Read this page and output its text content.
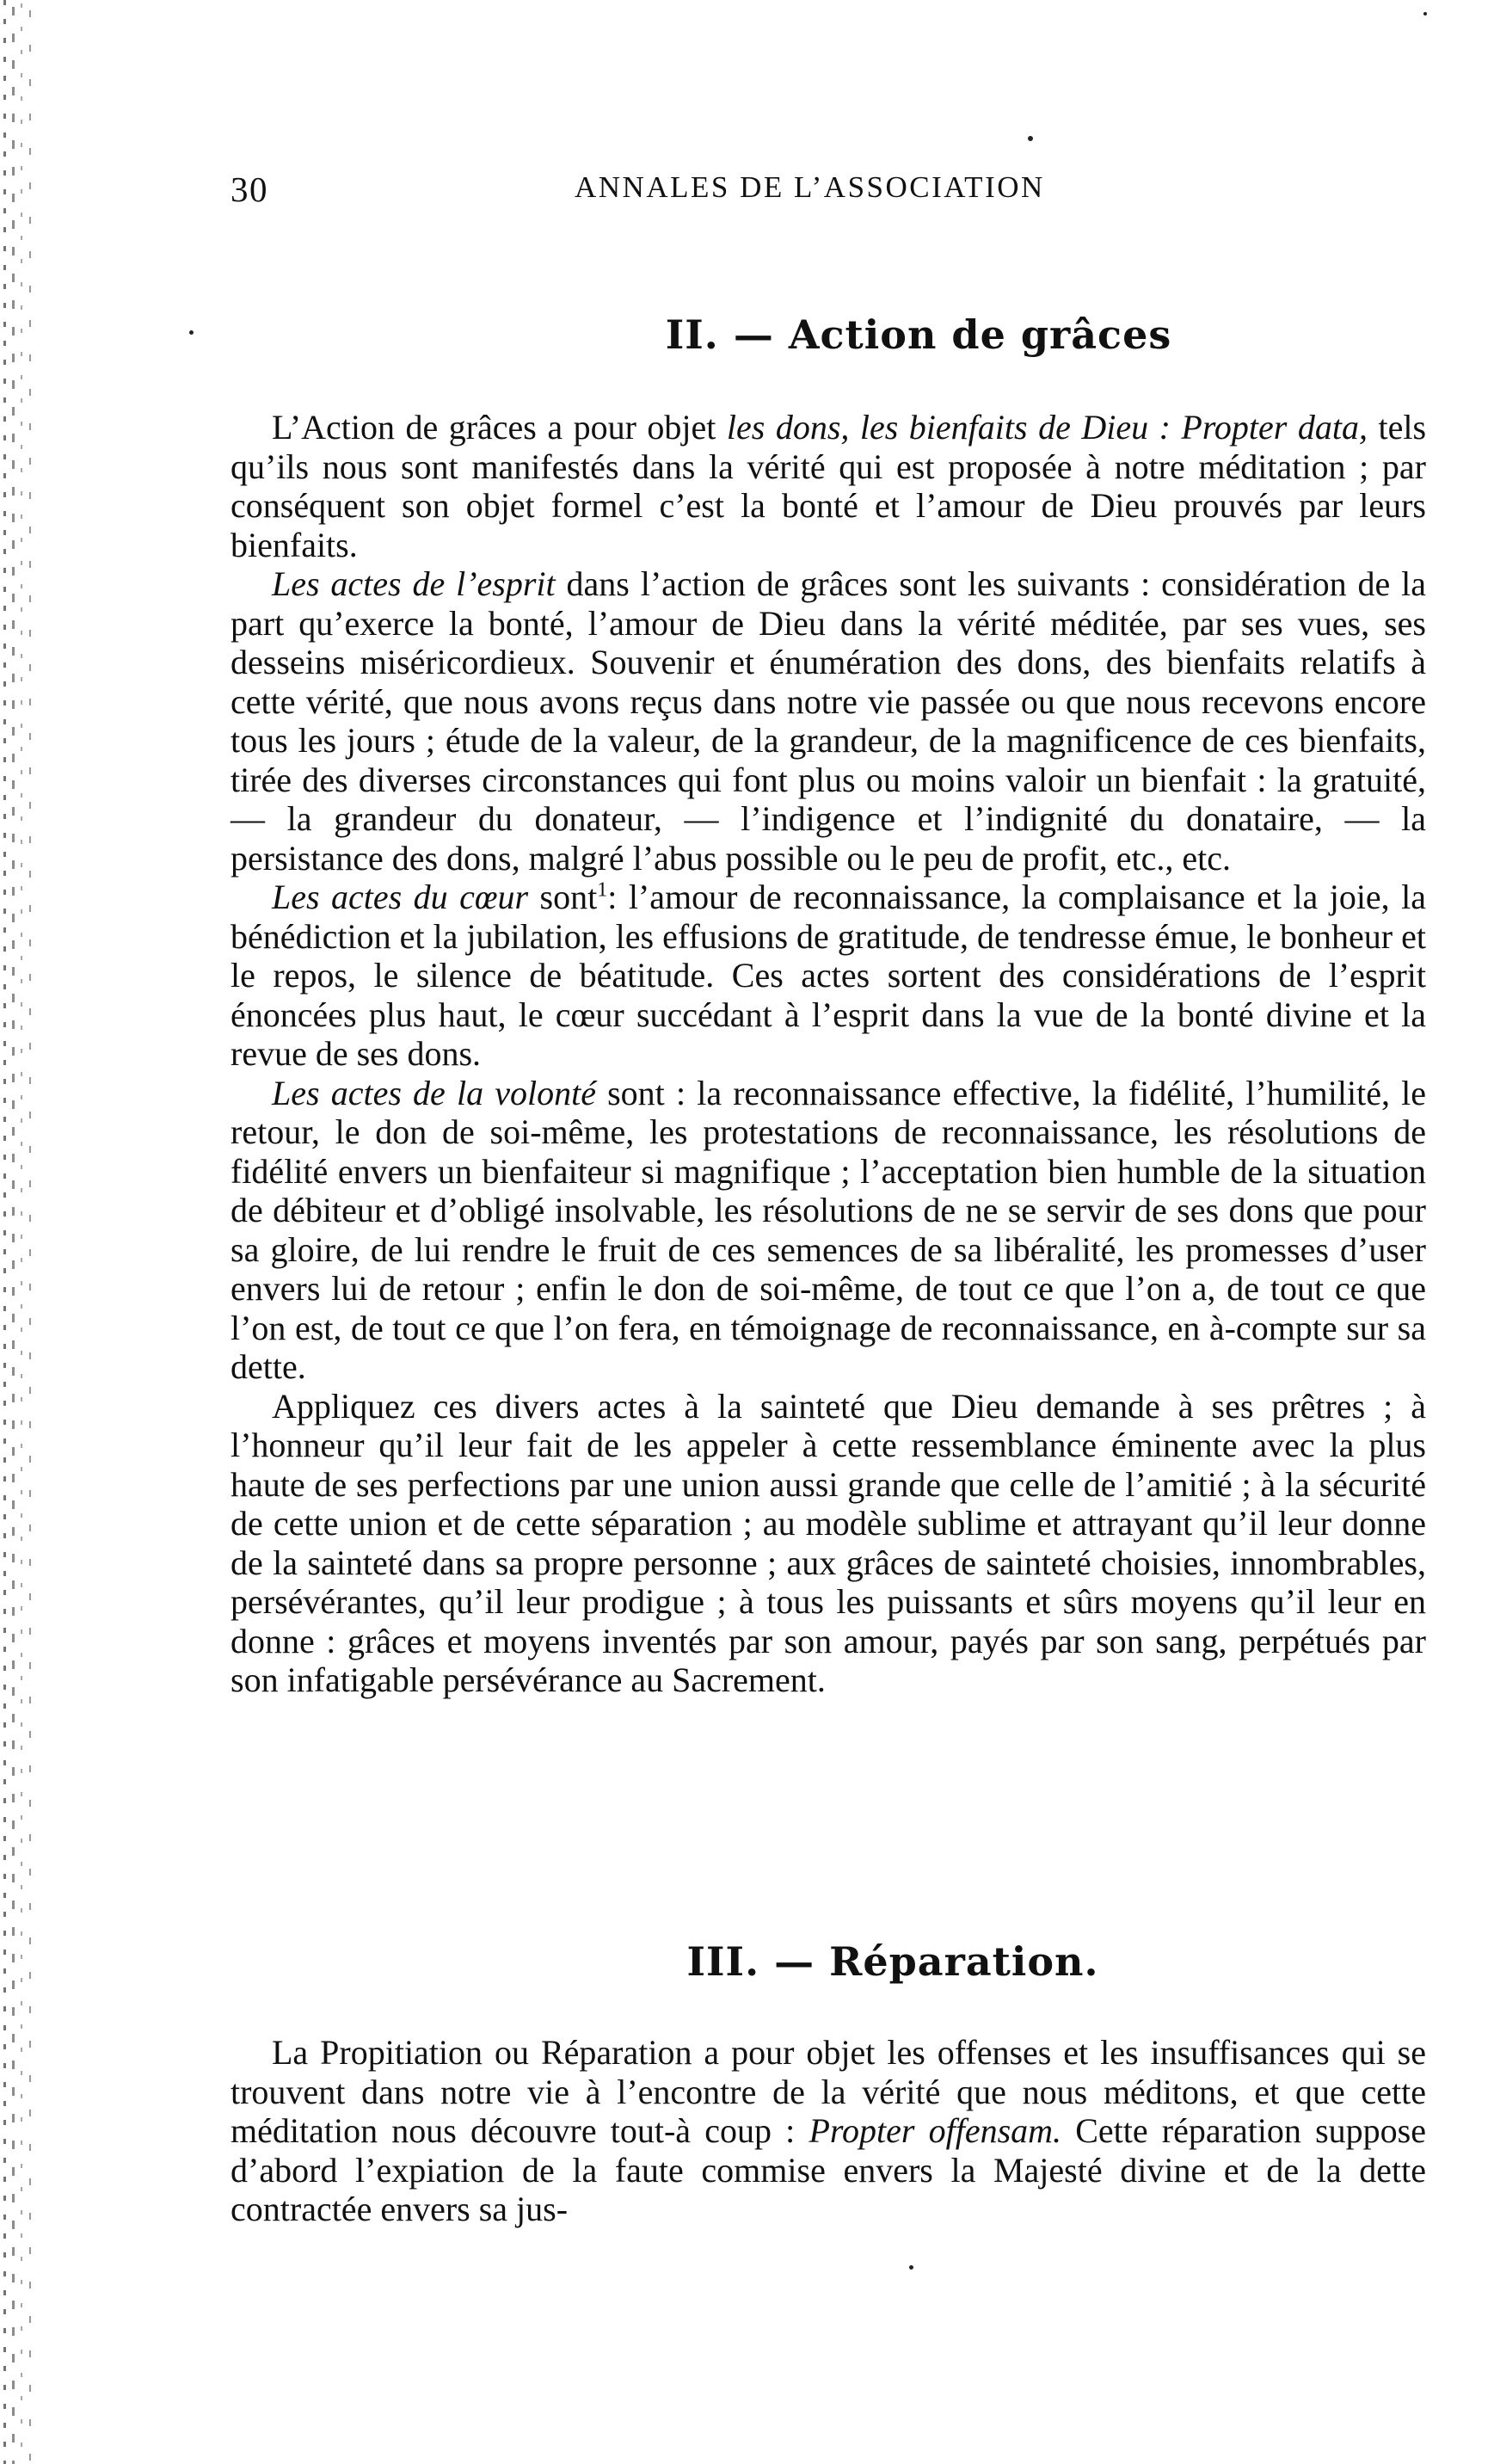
30	ANNALES DE L’ASSOCIATION
II. — Action de grâces

L’Action de grâces a pour objet les dons, les bienfaits de Dieu : Propter data, tels qu’ils nous sont manifestés dans la vérité qui est proposée à notre méditation ; par conséquent son objet formel c’est la bonté et l’amour de Dieu prouvés par leurs bienfaits.

Les actes de l’esprit dans l’action de grâces sont les suivants : considération de la part qu’exerce la bonté, l’amour de Dieu dans la vérité méditée, par ses vues, ses desseins miséricordieux. Souvenir et énumération des dons, des bienfaits relatifs à cette vérité, que nous avons reçus dans notre vie passée ou que nous recevons encore tous les jours ; étude de la valeur, de la grandeur, de la magnificence de ces bienfaits, tirée des diverses circonstances qui font plus ou moins valoir un bienfait : la gratuité, — la grandeur du donateur, — l’indigence et l’indignité du donataire, — la persistance des dons, malgré l’abus possible ou le peu de profit, etc., etc.

Les actes du cœur sont$^1$: l’amour de reconnaissance, la complaisance et la joie, la bénédiction et la jubilation, les effusions de gratitude, de tendresse émue, le bonheur et le repos, le silence de béatitude. Ces actes sortent des considérations de l’esprit énoncées plus haut, le cœur succédant à l’esprit dans la vue de la bonté divine et la revue de ses dons.

Les actes de la volonté sont : la reconnaissance effective, la fidélité, l’humilité, le retour, le don de soi-même, les protestations de reconnaissance, les résolutions de fidélité envers un bienfaiteur si magnifique ; l’acceptation bien humble de la situation de débiteur et d’obligé insolvable, les résolutions de ne se servir de ses dons que pour sa gloire, de lui rendre le fruit de ces semences de sa libéralité, les promesses d’user envers lui de retour ; enfin le don de soi-même, de tout ce que l’on a, de tout ce que l’on est, de tout ce que l’on fera, en témoignage de reconnaissance, en à-compte sur sa dette.

Appliquez ces divers actes à la sainteté que Dieu demande à ses prêtres ; à l’honneur qu’il leur fait de les appeler à cette ressemblance éminente avec la plus haute de ses perfections par une union aussi grande que celle de l’amitié ; à la sécurité de cette union et de cette séparation ; au modèle sublime et attrayant qu’il leur donne de la sainteté dans sa propre personne ; aux grâces de sainteté choisies, innombrables, persévérantes, qu’il leur prodigue ; à tous les puissants et sûrs moyens qu’il leur en donne : grâces et moyens inventés par son amour, payés par son sang, perpétués par son infatigable persévérance au Sacrement.

III. — Réparation.

La Propitiation ou Réparation a pour objet les offenses et les insuffisances qui se trouvent dans notre vie à l’encontre de la vérité que nous méditons, et que cette méditation nous découvre tout-à coup : Propter offensam. Cette réparation suppose d’abord l’expiation de la faute commise envers la Majesté divine et de la dette contractée envers sa jus-
